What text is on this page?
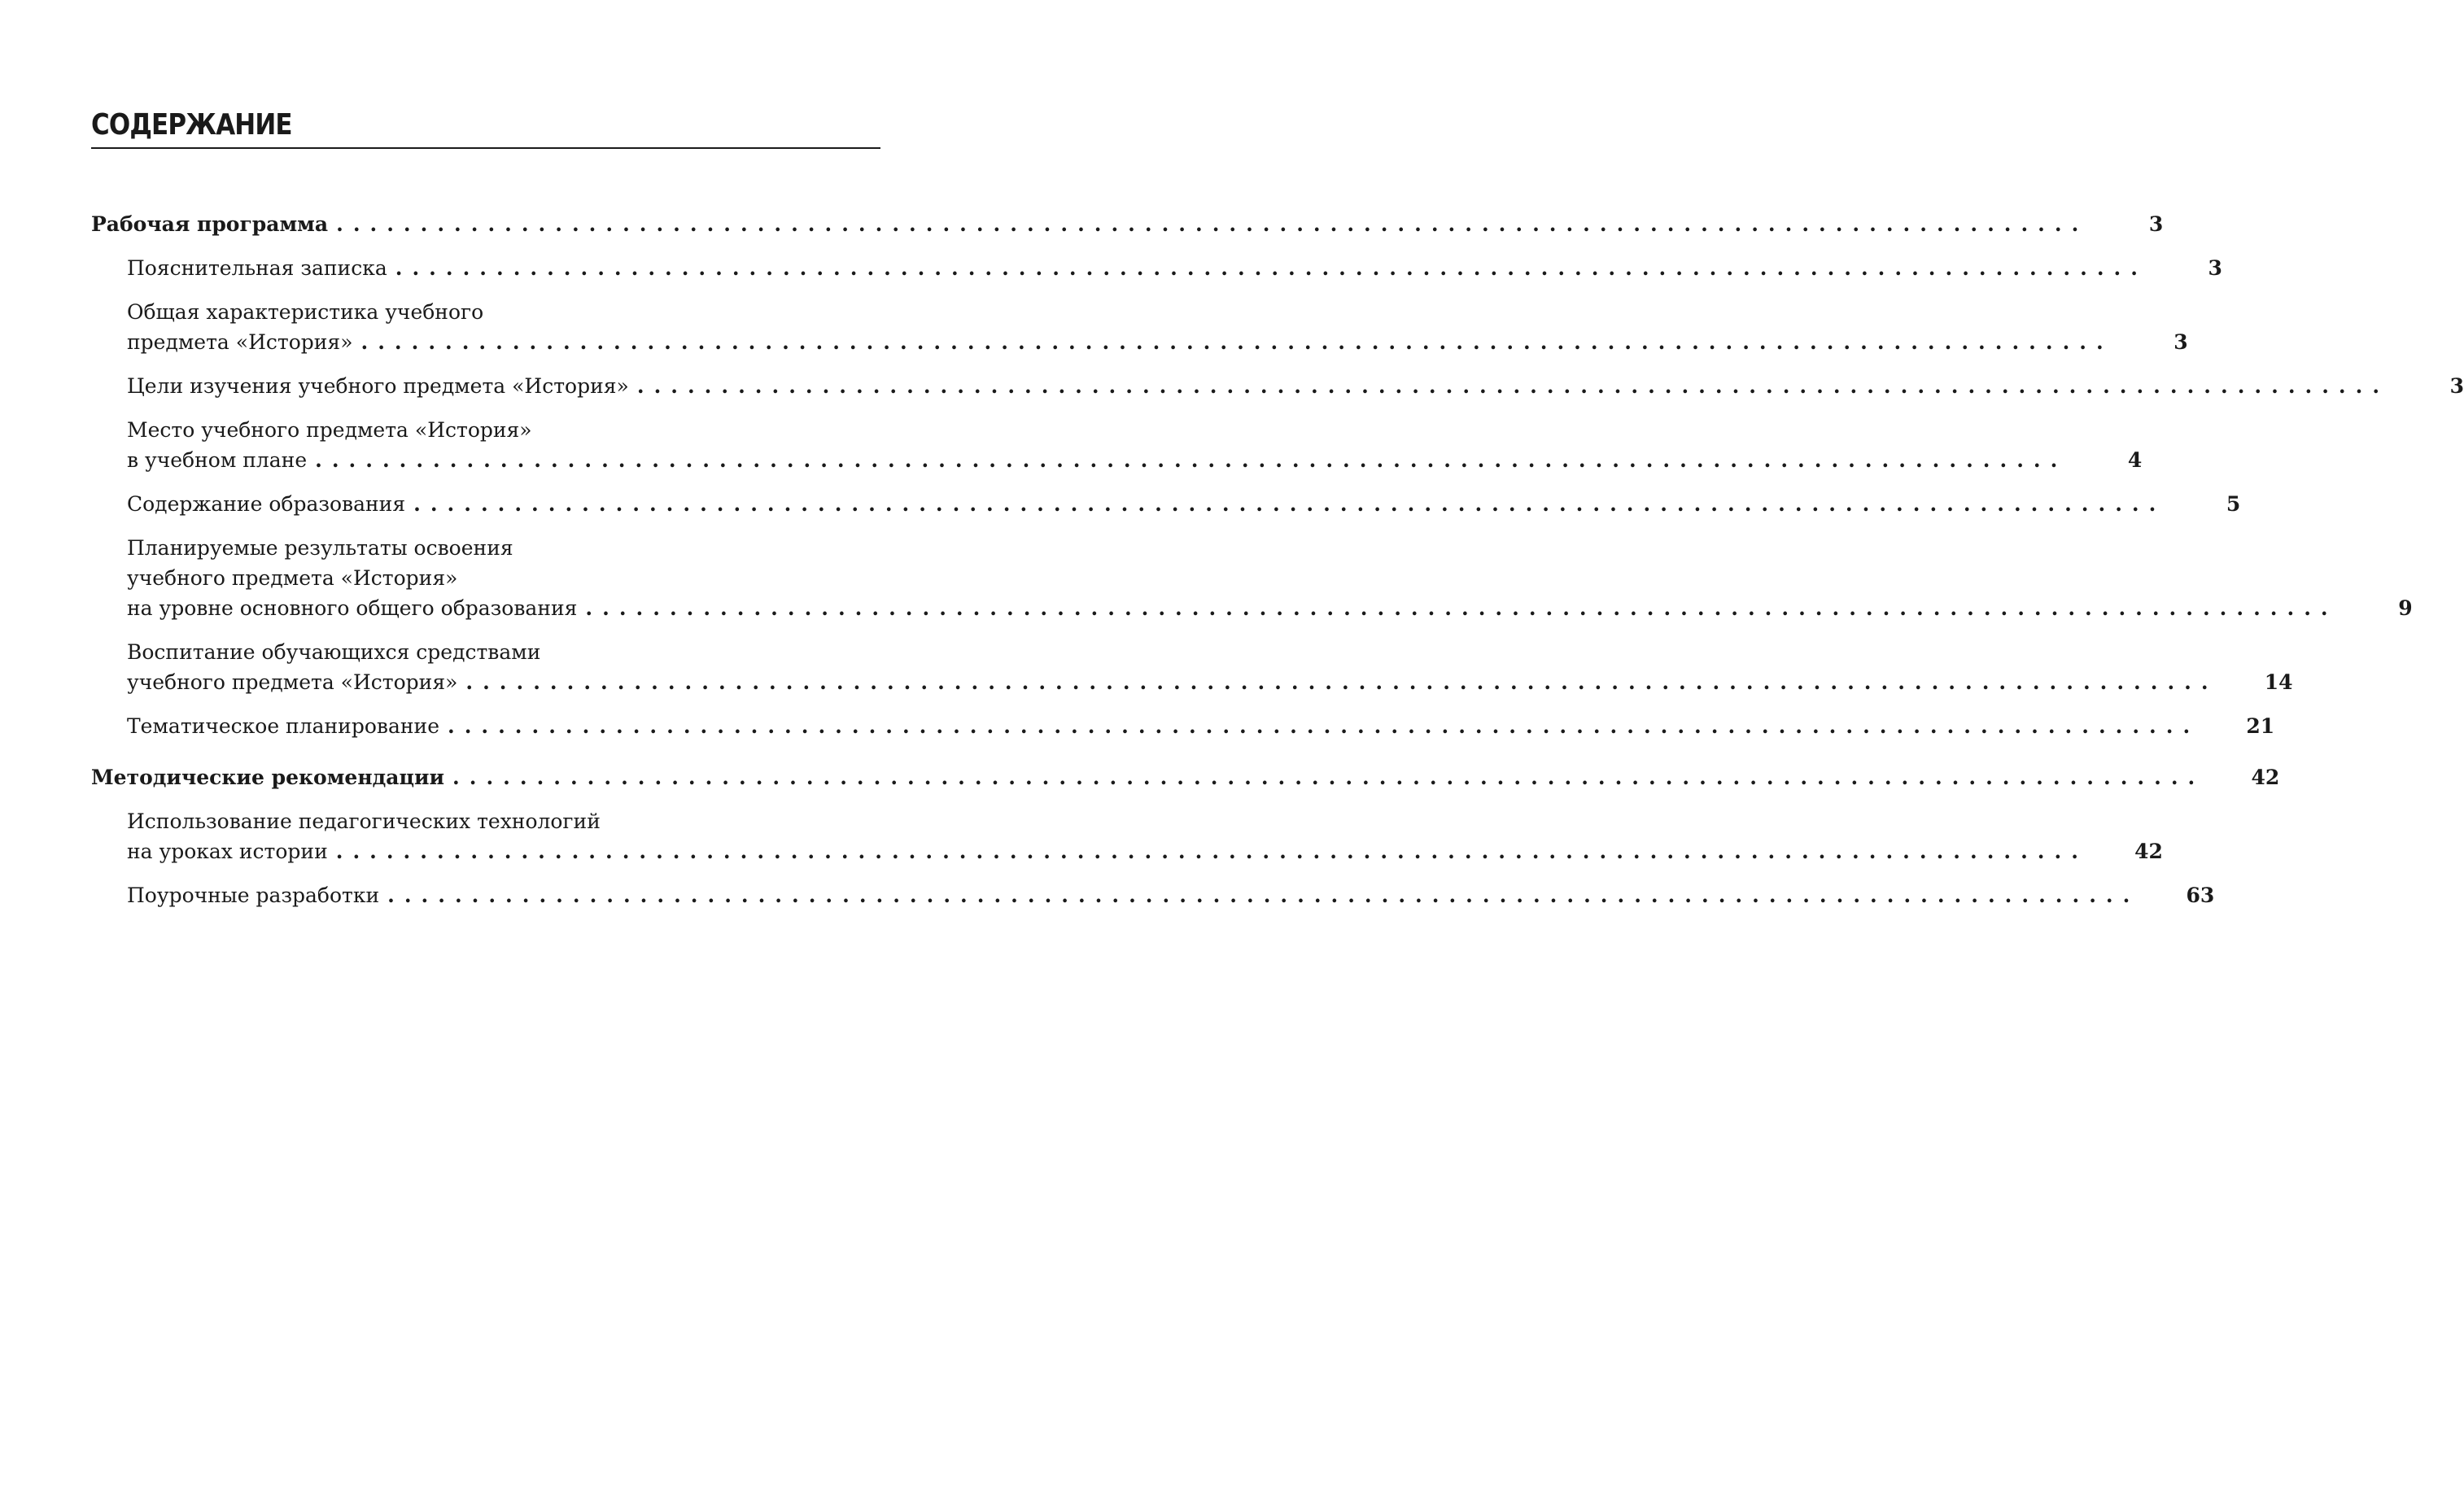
СОДЕРЖАНИЕ
Рабочая программа ........................................................................................................	3
Пояснительная записка ........................................................................................................	3
Общая характеристика учебного
предмета «История» ........................................................................................................	3
Цели изучения учебного предмета «История» ........................................................................................................	3
Место учебного предмета «История»
в учебном плане ........................................................................................................	4
Содержание образования ........................................................................................................	5
Планируемые результаты освоения
учебного предмета «История»
на уровне основного общего образования ........................................................................................................	9
Воспитание обучающихся средствами
учебного предмета «История» ........................................................................................................ 14
Тематическое планирование ........................................................................................................ 21
Методические рекомендации ........................................................................................................ 42
Использование педагогических технологий
на уроках истории ........................................................................................................ 42
Поурочные разработки ........................................................................................................ 63
